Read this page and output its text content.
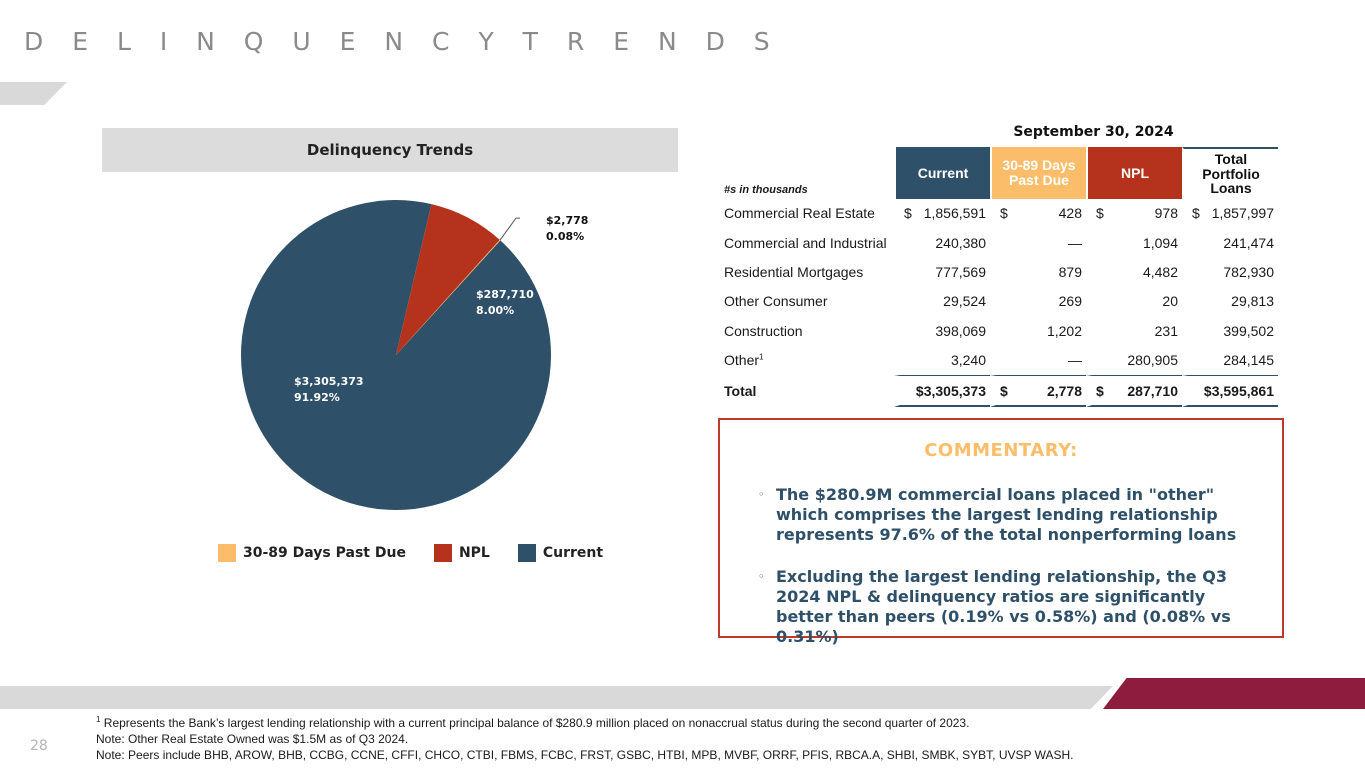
D E L I N Q U E N C Y T R E N D S
Delinquency Trends
$3,305,373
91.92%
$287,710
8.00%
$2,778
0.08%
30-89 Days Past Due	NPL	Current
September 30, 2024
#s in thousands	Current	30-89 Days Past Due	NPL	Total Portfolio Loans
Commercial Real Estate	$ 1,856,591	$ 428	$ 978	$ 1,857,997

Commercial and Industrial	240,380	—	1,094	241,474

Residential Mortgages	777,569	879	4,482	782,930

Other Consumer	29,524	269	20	29,813

Construction	398,069	1,202	231	399,502

Other$^1$	3,240	—	280,905	284,145

Total	$3,305,373	$ 2,778	$ 287,710	$3,595,861
COMMENTARY:
◦ The $280.9M commercial loans placed in "other" which comprises the largest lending relationship represents 97.6% of the total nonperforming loans
◦ Excluding the largest lending relationship, the Q3 2024 NPL & delinquency ratios are significantly better than peers (0.19% vs 0.58%) and (0.08% vs 0.31%)
$^1$ Represents the Bank’s largest lending relationship with a current principal balance of $280.9 million placed on nonaccrual status during the second quarter of 2023.
Note: Other Real Estate Owned was $1.5M as of Q3 2024.
Note: Peers include BHB, AROW, BHB, CCBG, CCNE, CFFI, CHCO, CTBI, FBMS, FCBC, FRST, GSBC, HTBI, MPB, MVBF, ORRF, PFIS, RBCA.A, SHBI, SMBK, SYBT, UVSP WASH.
28
